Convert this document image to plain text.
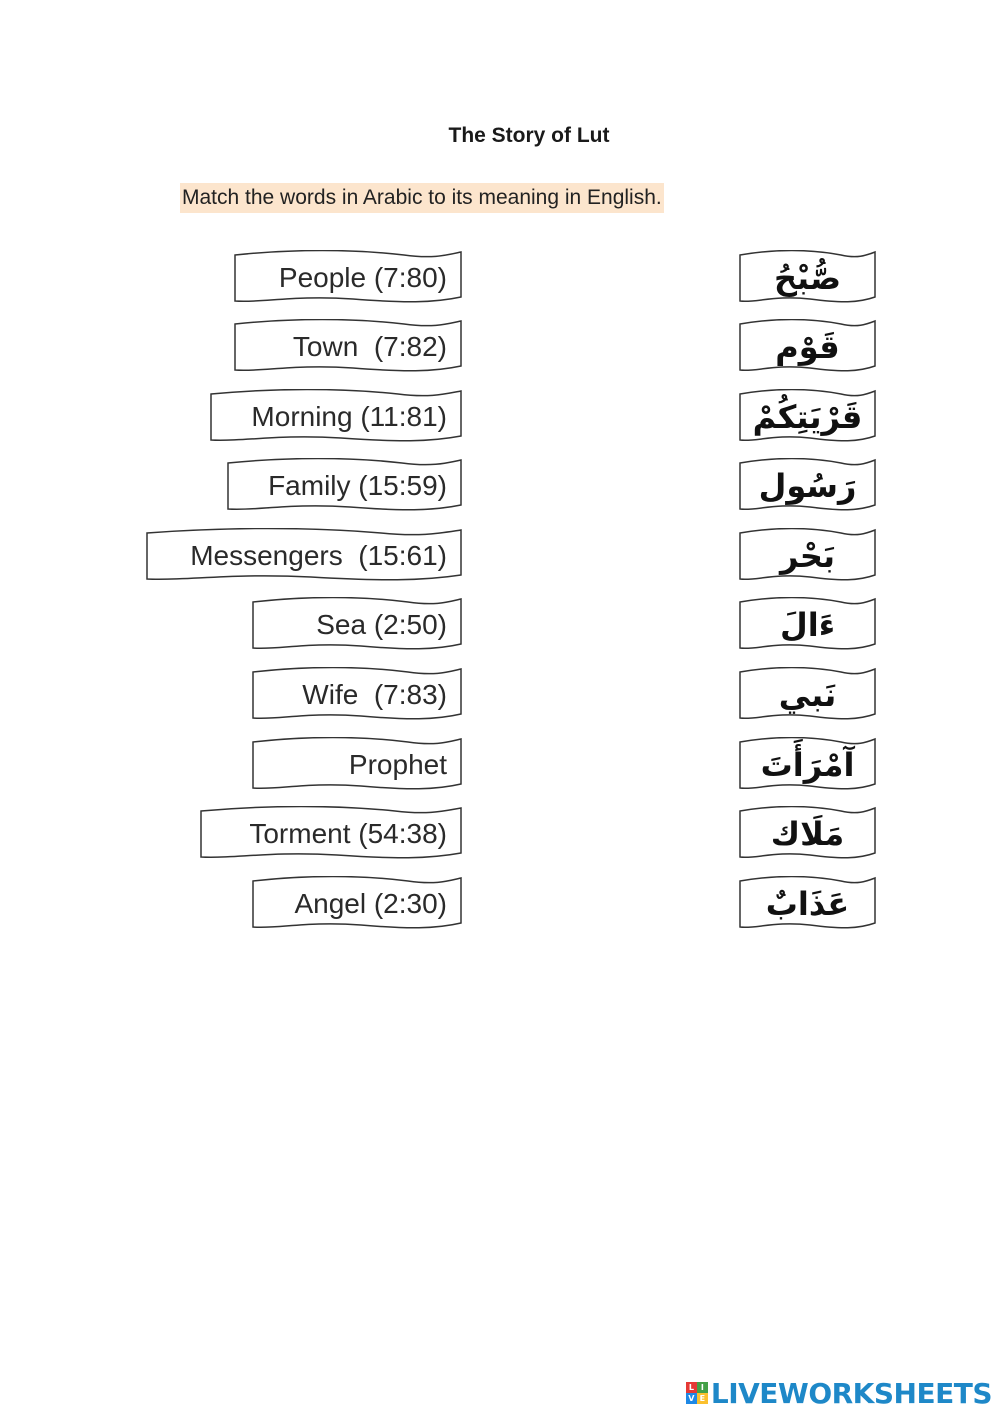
The Story of Lut
Match the words in Arabic to its meaning in English.
People (7:80)
Town  (7:82)
Morning (11:81)
Family (15:59)
Messengers  (15:61)
Sea (2:50)
Wife  (7:83)
Prophet
Torment (54:38)
Angel (2:30)
صُّبْحُ
قَوْم
قَرْيَتِكُمْ
رَسُول
بَحْر
ءَالَ
نَبي
آمْرَأَتَ
مَلَاك
عَذَابٌ
L I
V E LIVEWORKSHEETS
